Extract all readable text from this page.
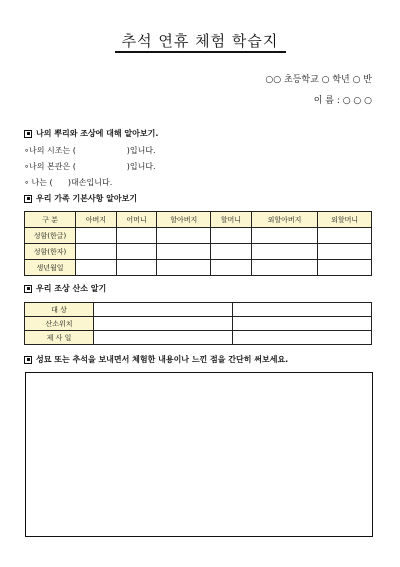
추석 연휴 체험 학습지
○○ 초등학교 ○ 학년 ○ 반
이 름 : ○ ○ ○
나의 뿌리와 조상에 대해 알아보기.
∘나의 시조는 (                    )입니다.
∘나의 본관은 (                    )입니다.
∘ 나는 (      )대손입니다.
우리 가족 기본사항 알아보기
구 분	아버지	어머니	할아버지	할머니	외할아버지	외할머니
성함(한글)						
성함(한자)						
생년월일						
우리 조상 산소 알기
대 상		
산소위치		
제 사 일		
성묘 또는 추석을 보내면서 체험한 내용이나 느낀 점을 간단히 써보세요.
